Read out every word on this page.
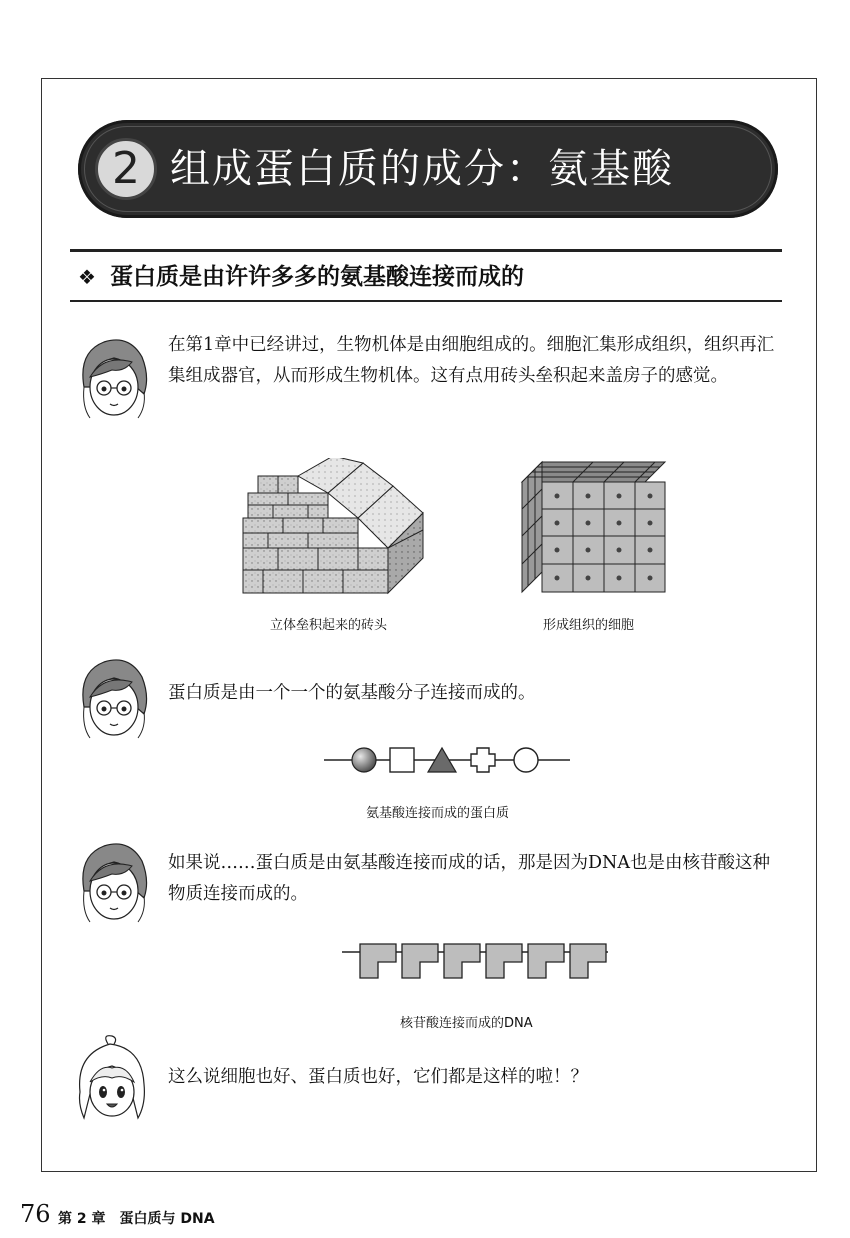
2 组成蛋白质的成分：氨基酸
❖ 蛋白质是由许许多多的氨基酸连接而成的
在第1章中已经讲过，生物机体是由细胞组成的。细胞汇集形成组织，组织再汇集组成器官，从而形成生物机体。这有点用砖头垒积起来盖房子的感觉。
立体垒积起来的砖头	形成组织的细胞
蛋白质是由一个一个的氨基酸分子连接而成的。
氨基酸连接而成的蛋白质
如果说……蛋白质是由氨基酸连接而成的话，那是因为DNA也是由核苷酸这种物质连接而成的。
核苷酸连接而成的DNA
这么说细胞也好、蛋白质也好，它们都是这样的啦！？
76 第 2 章　蛋白质与 DNA
